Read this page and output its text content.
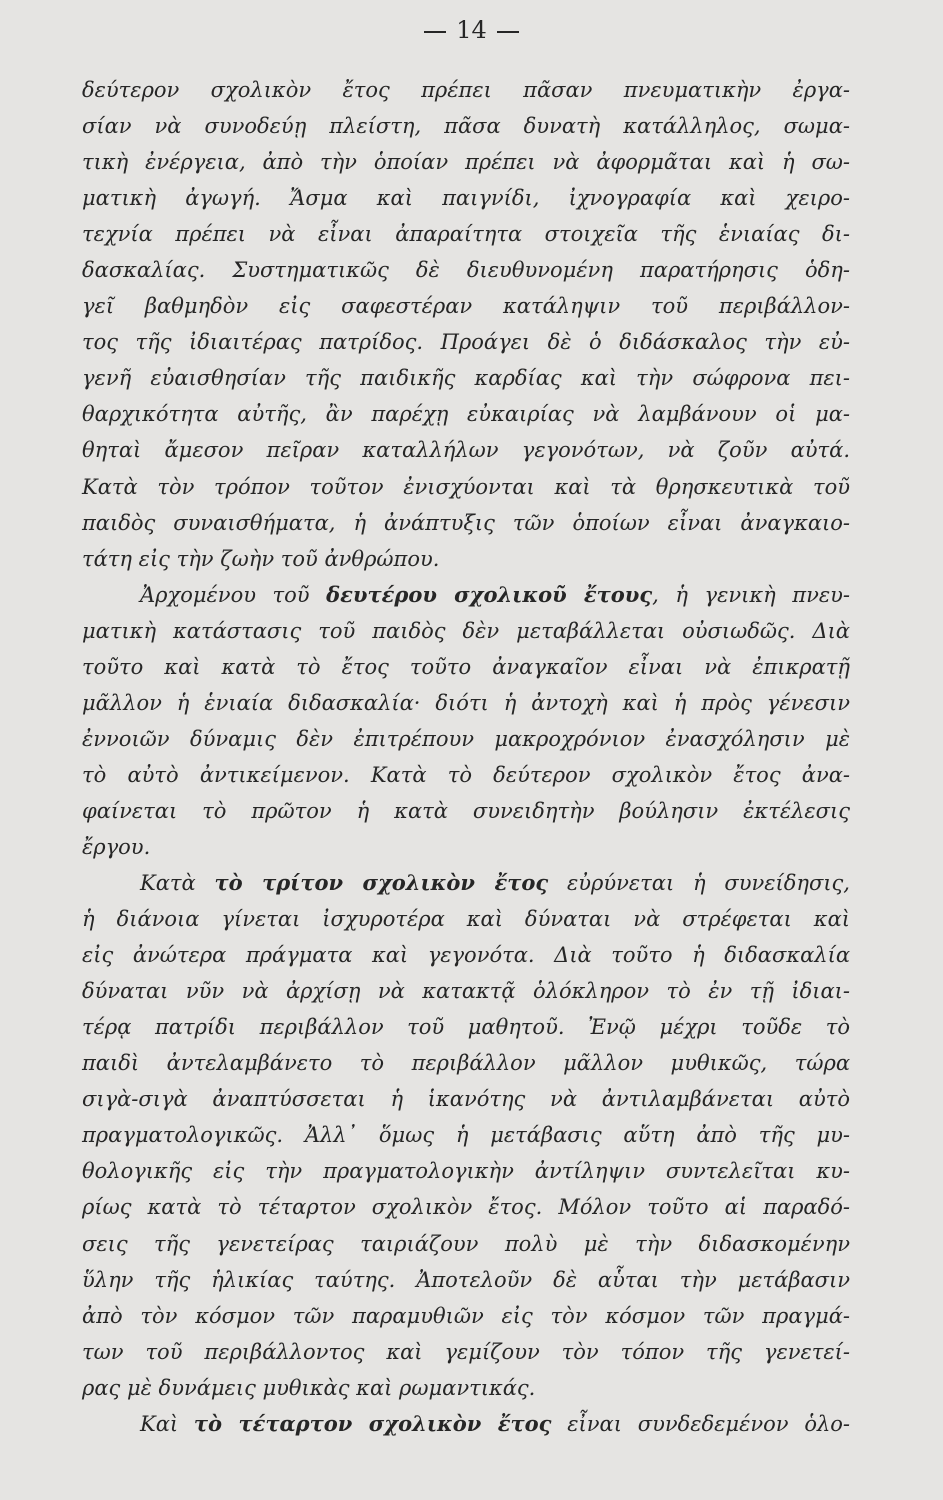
14
δεύτερον σχολικὸν ἔτος πρέπει πᾶσαν πνευματικὴν ἐργα-
σίαν νὰ συνοδεύῃ πλείστη, πᾶσα δυνατὴ κατάλληλος, σωμα-
τικὴ ἐνέργεια, ἀπὸ τὴν ὁποίαν πρέπει νὰ ἀφορμᾶται καὶ ἡ σω-
ματικὴ ἀγωγή. Ἄσμα καὶ παιγνίδι, ἰχνογραφία καὶ χειρο-
τεχνία πρέπει νὰ εἶναι ἀπαραίτητα στοιχεῖα τῆς ἑνιαίας δι-
δασκαλίας. Συστηματικῶς δὲ διευθυνομένη παρατήρησις ὁδη-
γεῖ βαθμηδὸν εἰς σαφεστέραν κατάληψιν τοῦ περιβάλλον-
τος τῆς ἰδιαιτέρας πατρίδος. Προάγει δὲ ὁ διδάσκαλος τὴν εὐ-
γενῆ εὐαισθησίαν τῆς παιδικῆς καρδίας καὶ τὴν σώφρονα πει-
θαρχικότητα αὐτῆς, ἂν παρέχῃ εὐκαιρίας νὰ λαμβάνουν οἱ μα-
θηταὶ ἄμεσον πεῖραν καταλλήλων γεγονότων, νὰ ζοῦν αὐτά.
Κατὰ τὸν τρόπον τοῦτον ἐνισχύονται καὶ τὰ θρησκευτικὰ τοῦ
παιδὸς συναισθήματα, ἡ ἀνάπτυξις τῶν ὁποίων εἶναι ἀναγκαιο-
τάτη εἰς τὴν ζωὴν τοῦ ἀνθρώπου.
Ἀρχομένου τοῦ δευτέρου σχολικοῦ ἔτους, ἡ γενικὴ πνευ-
ματικὴ κατάστασις τοῦ παιδὸς δὲν μεταβάλλεται οὐσιωδῶς. Διὰ
τοῦτο καὶ κατὰ τὸ ἔτος τοῦτο ἀναγκαῖον εἶναι νὰ ἐπικρατῇ
μᾶλλον ἡ ἑνιαία διδασκαλία· διότι ἡ ἀντοχὴ καὶ ἡ πρὸς γένεσιν
ἐννοιῶν δύναμις δὲν ἐπιτρέπουν μακροχρόνιον ἐνασχόλησιν μὲ
τὸ αὐτὸ ἀντικείμενον. Κατὰ τὸ δεύτερον σχολικὸν ἔτος ἀνα-
φαίνεται τὸ πρῶτον ἡ κατὰ συνειδητὴν βούλησιν ἐκτέλεσις
ἔργου.
Κατὰ τὸ τρίτον σχολικὸν ἔτος εὐρύνεται ἡ συνείδησις,
ἡ διάνοια γίνεται ἰσχυροτέρα καὶ δύναται νὰ στρέφεται καὶ
εἰς ἀνώτερα πράγματα καὶ γεγονότα. Διὰ τοῦτο ἡ διδασκαλία
δύναται νῦν νὰ ἀρχίσῃ νὰ κατακτᾷ ὁλόκληρον τὸ ἐν τῇ ἰδιαι-
τέρᾳ πατρίδι περιβάλλον τοῦ μαθητοῦ. Ἐνῷ μέχρι τοῦδε τὸ
παιδὶ ἀντελαμβάνετο τὸ περιβάλλον μᾶλλον μυθικῶς, τώρα
σιγὰ-σιγὰ ἀναπτύσσεται ἡ ἱκανότης νὰ ἀντιλαμβάνεται αὐτὸ
πραγματολογικῶς. Ἀλλ᾽ ὅμως ἡ μετάβασις αὕτη ἀπὸ τῆς μυ-
θολογικῆς εἰς τὴν πραγματολογικὴν ἀντίληψιν συντελεῖται κυ-
ρίως κατὰ τὸ τέταρτον σχολικὸν ἔτος. Μόλον τοῦτο αἱ παραδό-
σεις τῆς γενετείρας ταιριάζουν πολὺ μὲ τὴν διδασκομένην
ὕλην τῆς ἡλικίας ταύτης. Ἀποτελοῦν δὲ αὗται τὴν μετάβασιν
ἀπὸ τὸν κόσμον τῶν παραμυθιῶν εἰς τὸν κόσμον τῶν πραγμά-
των τοῦ περιβάλλοντος καὶ γεμίζουν τὸν τόπον τῆς γενετεί-
ρας μὲ δυνάμεις μυθικὰς καὶ ρωμαντικάς.
Καὶ τὸ τέταρτον σχολικὸν ἔτος εἶναι συνδεδεμένον ὁλο-
